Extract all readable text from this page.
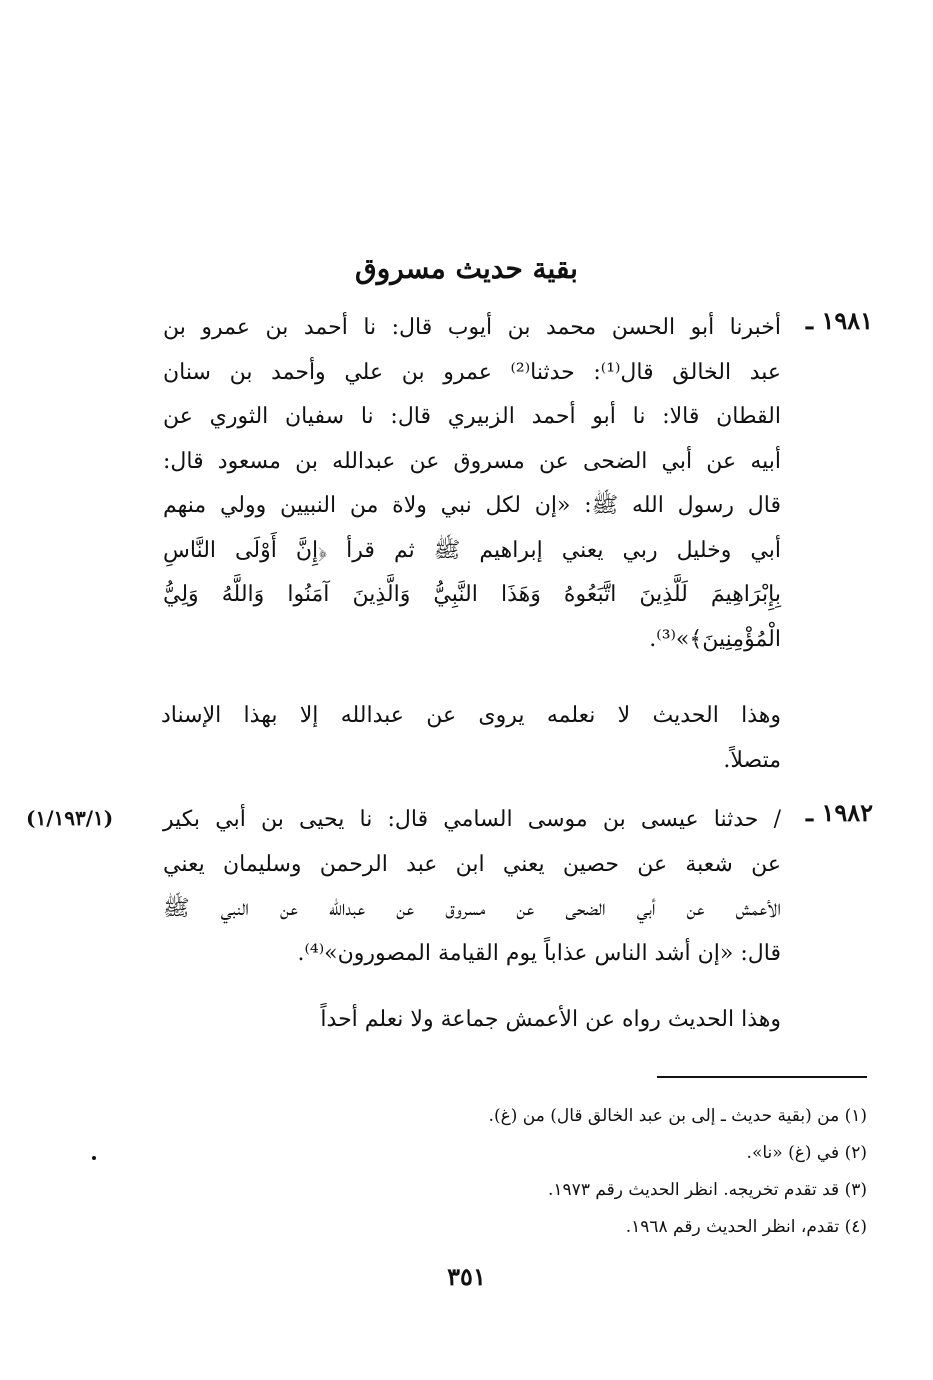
بقية حديث مسروق
١٩٨١ ـ
أخبرنا أبو الحسن محمد بن أيوب قال: نا أحمد بن عمرو بن
عبد الخالق قال⁽¹⁾: حدثنا⁽²⁾ عمرو بن علي وأحمد بن سنان
القطان قالا: نا أبو أحمد الزبيري قال: نا سفيان الثوري عن
أبيه عن أبي الضحى عن مسروق عن عبدالله بن مسعود قال:
قال رسول الله ﷺ: «إن لكل نبي ولاة من النبيين وولي منهم
أبي وخليل ربي يعني إبراهيم ﷺ ثم قرأ ﴿إِنَّ أَوْلَى النَّاسِ
بِإِبْرَاهِيمَ لَلَّذِينَ اتَّبَعُوهُ وَهَذَا النَّبِيُّ وَالَّذِينَ آمَنُوا وَاللَّهُ وَلِيُّ
الْمُؤْمِنِينَ﴾»⁽³⁾.
وهذا الحديث لا نعلمه يروى عن عبدالله إلا بهذا الإسناد
متصلاً.
(١/١٩٣/١)	١٩٨٢ ـ
/ حدثنا عيسى بن موسى السامي قال: نا يحيى بن أبي بكير
عن شعبة عن حصين يعني ابن عبد الرحمن وسليمان يعني
الأعمش عن أبي الضحى عن مسروق عن عبدالله عن النبي ﷺ
قال: «إن أشد الناس عذاباً يوم القيامة المصورون»⁽⁴⁾.
وهذا الحديث رواه عن الأعمش جماعة ولا نعلم أحداً
(١) من (بقية حديث ـ إلى بن عبد الخالق قال) من (غ).
(٢) في (غ) «نا».
(٣) قد تقدم تخريجه. انظر الحديث رقم ١٩٧٣.
(٤) تقدم، انظر الحديث رقم ١٩٦٨.
٣٥١
